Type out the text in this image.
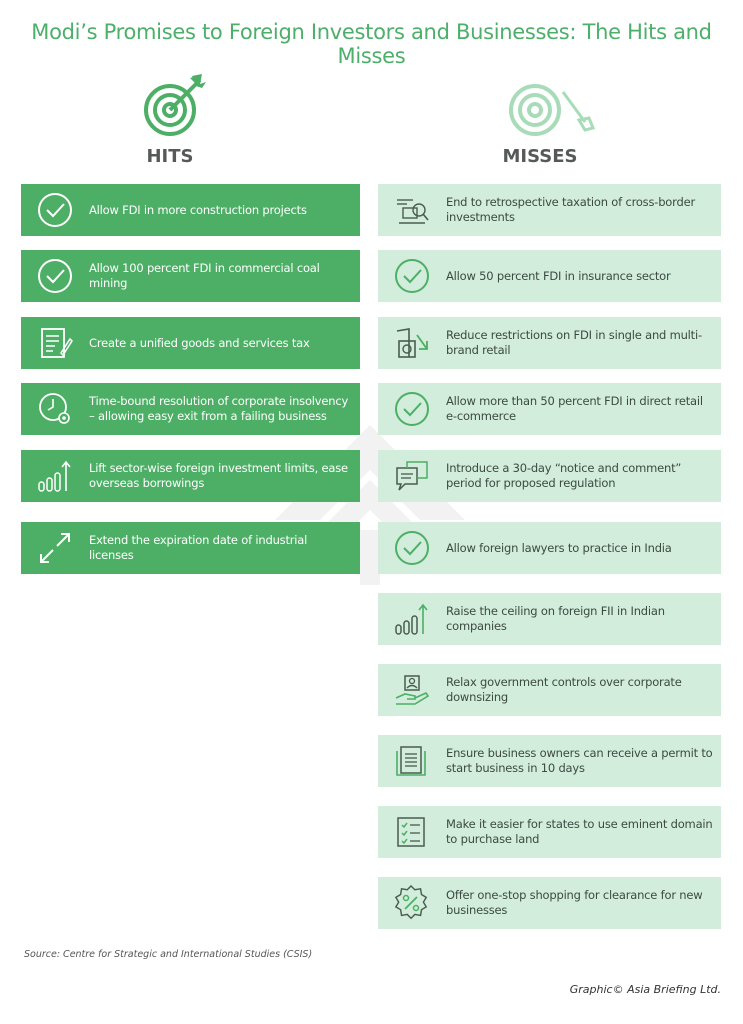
Modi’s Promises to Foreign Investors and Businesses: The Hits and Misses
HITS	MISSES
Allow FDI in more construction projects
Allow 100 percent FDI in commercial coal mining
Create a unified goods and services tax
Time-bound resolution of corporate insolvency – allowing easy exit from a failing business
Lift sector-wise foreign investment limits, ease overseas borrowings
Extend the expiration date of industrial licenses
End to retrospective taxation of cross-border investments
Allow 50 percent FDI in insurance sector
Reduce restrictions on FDI in single and multi-brand retail
Allow more than 50 percent FDI in direct retail e-commerce
Introduce a 30-day “notice and comment” period for proposed regulation
Allow foreign lawyers to practice in India
Raise the ceiling on foreign FII in Indian companies
Relax government controls over corporate downsizing
Ensure business owners can receive a permit to start business in 10 days
Make it easier for states to use eminent domain to purchase land
Offer one-stop shopping for clearance for new businesses
Source: Centre for Strategic and International Studies (CSIS)
Graphic© Asia Briefing Ltd.
